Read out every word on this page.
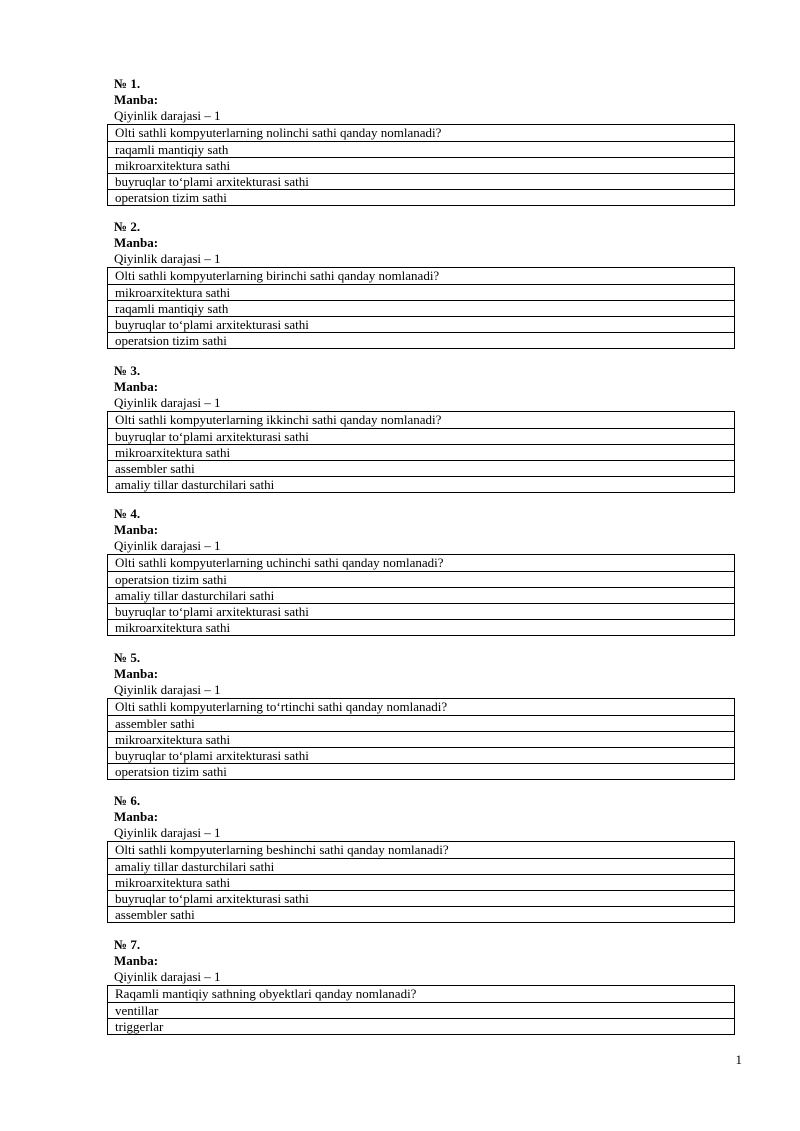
№ 1.
Manba:
Qiyinlik darajasi – 1
Olti sathli kompyuterlarning nolinchi sathi qanday nomlanadi?
raqamli mantiqiy sath
mikroarxitektura sathi
buyruqlar to‘plami arxitekturasi sathi
operatsion tizim sathi
№ 2.
Manba:
Qiyinlik darajasi – 1
Olti sathli kompyuterlarning birinchi sathi qanday nomlanadi?
mikroarxitektura sathi
raqamli mantiqiy sath
buyruqlar to‘plami arxitekturasi sathi
operatsion tizim sathi
№ 3.
Manba:
Qiyinlik darajasi – 1
Olti sathli kompyuterlarning ikkinchi sathi qanday nomlanadi?
buyruqlar to‘plami arxitekturasi sathi
mikroarxitektura sathi
assembler sathi
amaliy tillar dasturchilari sathi
№ 4.
Manba:
Qiyinlik darajasi – 1
Olti sathli kompyuterlarning uchinchi sathi qanday nomlanadi?
operatsion tizim sathi
amaliy tillar dasturchilari sathi
buyruqlar to‘plami arxitekturasi sathi
mikroarxitektura sathi
№ 5.
Manba:
Qiyinlik darajasi – 1
Olti sathli kompyuterlarning to‘rtinchi sathi qanday nomlanadi?
assembler sathi
mikroarxitektura sathi
buyruqlar to‘plami arxitekturasi sathi
operatsion tizim sathi
№ 6.
Manba:
Qiyinlik darajasi – 1
Olti sathli kompyuterlarning beshinchi sathi qanday nomlanadi?
amaliy tillar dasturchilari sathi
mikroarxitektura sathi
buyruqlar to‘plami arxitekturasi sathi
assembler sathi
№ 7.
Manba:
Qiyinlik darajasi – 1
Raqamli mantiqiy sathning obyektlari qanday nomlanadi?
ventillar
triggerlar
1
